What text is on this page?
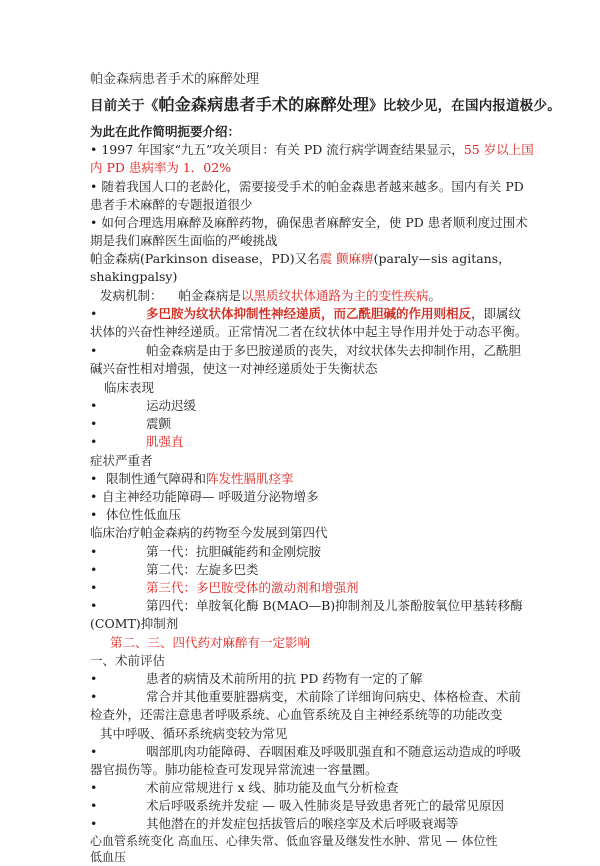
帕金森病患者手术的麻醉处理
目前关于《帕金森病患者手术的麻醉处理》比较少见，在国内报道极少。
为此在此作简明扼要介绍：
• 1997 年国家“九五”攻关项目：有关 PD 流行病学调查结果显示，55 岁以上国
内 PD 患病率为 1．02%
• 随着我国人口的老龄化，需要接受手术的帕金森患者越来越多。国内有关 PD
患者手术麻醉的专题报道很少
• 如何合理选用麻醉及麻醉药物，确保患者麻醉安全，使 PD 患者顺利度过围术
期是我们麻醉医生面临的严峻挑战
帕金森病(Parkinson disease，PD)又名震 颤麻痹(paraly—sis agitans，
shakingpalsy)
发病机制： 帕金森病是以黑质纹状体通路为主的变性疾病。
•	多巴胺为纹状体抑制性神经递质，而乙酰胆碱的作用则相反，即属纹
状体的兴奋性神经递质。正常情况二者在纹状体中起主导作用并处于动态平衡。
•	帕金森病是由于多巴胺递质的丧失，对纹状体失去抑制作用，乙酰胆
碱兴奋性相对增强，使这一对神经递质处于失衡状态
临床表现
•	运动迟缓
•	震颤
•	肌强直
症状严重者
• 限制性通气障碍和阵发性膈肌痉挛
• 自主神经功能障碍— 呼吸道分泌物增多
• 体位性低血压
临床治疗帕金森病的药物至今发展到第四代
•	第一代：抗胆碱能药和金刚烷胺
•	第二代：左旋多巴类
•	第三代：多巴胺受体的激动剂和增强剂
•	第四代：单胺氧化酶 B(MAO—B)抑制剂及儿茶酚胺氧位甲基转移酶
(COMT)抑制剂
第二、三、四代药对麻醉有一定影响
一、术前评估
•	患者的病情及术前所用的抗 PD 药物有一定的了解
•	常合并其他重要脏器病变，术前除了详细询问病史、体格检查、术前
检查外，还需注意患者呼吸系统、心血管系统及自主神经系统等的功能改变
其中呼吸、循环系统病变较为常见
•	咽部肌肉功能障碍、吞咽困难及呼吸肌强直和不随意运动造成的呼吸
器官损伤等。肺功能检查可发现异常流速一容量圜。
•	术前应常规进行 x 线、肺功能及血气分析检查
•	术后呼吸系统并发症 — 吸入性肺炎是导致患者死亡的最常见原因
•	其他潜在的并发症包括拔管后的喉痉挛及术后呼吸衰竭等
心血管系统变化 高血压、心律失常、低血容量及继发性水肿、常见 — 体位性
低血压
